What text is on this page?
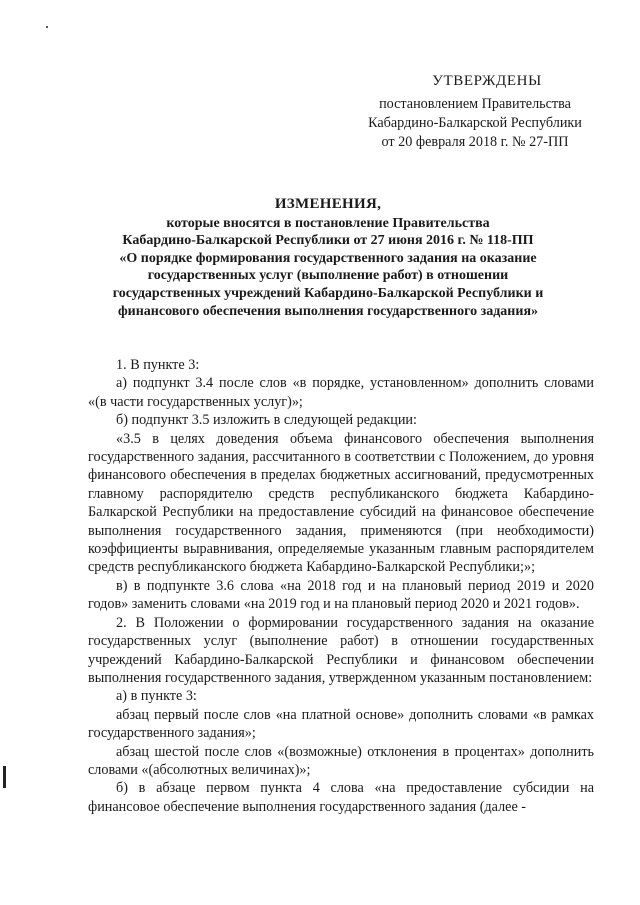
УТВЕРЖДЕНЫ
постановлением Правительства
Кабардино-Балкарской Республики
от 20 февраля 2018 г. № 27-ПП
ИЗМЕНЕНИЯ,
которые вносятся в постановление Правительства
Кабардино-Балкарской Республики от 27 июня 2016 г. № 118-ПП
«О порядке формирования государственного задания на оказание
государственных услуг (выполнение работ) в отношении
государственных учреждений Кабардино-Балкарской Республики и
финансового обеспечения выполнения государственного задания»

1. В пункте 3:

а) подпункт 3.4 после слов «в порядке, установленном» дополнить словами «(в части государственных услуг)»;

б) подпункт 3.5 изложить в следующей редакции:

«3.5 в целях доведения объема финансового обеспечения выполнения государственного задания, рассчитанного в соответствии с Положением, до уровня финансового обеспечения в пределах бюджетных ассигнований, предусмотренных главному распорядителю средств республиканского бюджета Кабардино-Балкарской Республики на предоставление субсидий на финансовое обеспечение выполнения государственного задания, применяются (при необходимости) коэффициенты выравнивания, определяемые указанным главным распорядителем средств республиканского бюджета Кабардино-Балкарской Республики;»;

в) в подпункте 3.6 слова «на 2018 год и на плановый период 2019 и 2020 годов» заменить словами «на 2019 год и на плановый период 2020 и 2021 годов».

2. В Положении о формировании государственного задания на оказание государственных услуг (выполнение работ) в отношении государственных учреждений Кабардино-Балкарской Республики и финансовом обеспечении выполнения государственного задания, утвержденном указанным постановлением:

а) в пункте 3:

абзац первый после слов «на платной основе» дополнить словами «в рамках государственного задания»;

абзац шестой после слов «(возможные) отклонения в процентах» дополнить словами «(абсолютных величинах)»;

б) в абзаце первом пункта 4 слова «на предоставление субсидии на финансовое обеспечение выполнения государственного задания (далее -
